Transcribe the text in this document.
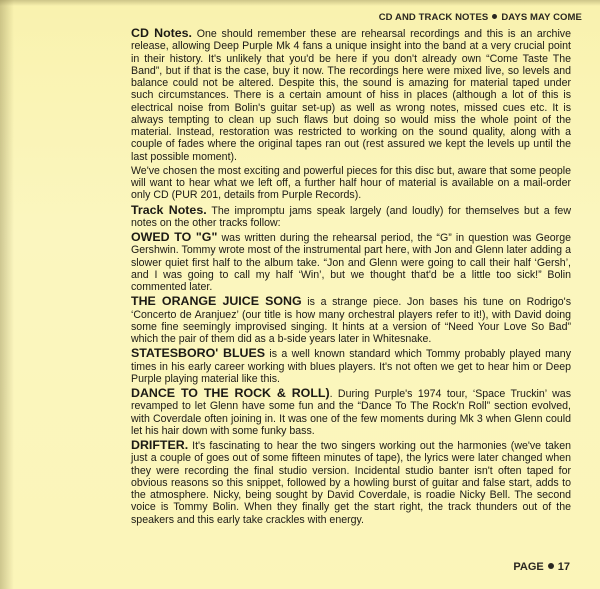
CD AND TRACK NOTES DAYS MAY COME

CD Notes. One should remember these are rehearsal recordings and this is an archive release, allowing Deep Purple Mk 4 fans a unique insight into the band at a very crucial point in their history. It's unlikely that you'd be here if you don't already own “Come Taste The Band”, but if that is the case, buy it now. The recordings here were mixed live, so levels and balance could not be altered. Despite this, the sound is amazing for material taped under such circumstances. There is a certain amount of hiss in places (although a lot of this is electrical noise from Bolin's guitar set-up) as well as wrong notes, missed cues etc. It is always tempting to clean up such flaws but doing so would miss the whole point of the material. Instead, restoration was restricted to working on the sound quality, along with a couple of fades where the original tapes ran out (rest assured we kept the levels up until the last possible moment).

We've chosen the most exciting and powerful pieces for this disc but, aware that some people will want to hear what we left off, a further half hour of material is available on a mail-order only CD (PUR 201, details from Purple Records).

Track Notes. The impromptu jams speak largely (and loudly) for themselves but a few notes on the other tracks follow:

OWED TO "G" was written during the rehearsal period, the “G” in question was George Gershwin. Tommy wrote most of the instrumental part here, with Jon and Glenn later adding a slower quiet first half to the album take. “Jon and Glenn were going to call their half ‘Gersh’, and I was going to call my half ‘Win’, but we thought that'd be a little too sick!” Bolin commented later.

THE ORANGE JUICE SONG is a strange piece. Jon bases his tune on Rodrigo's ‘Concerto de Aranjuez’ (our title is how many orchestral players refer to it!), with David doing some fine seemingly improvised singing. It hints at a version of “Need Your Love So Bad” which the pair of them did as a b-side years later in Whitesnake.

STATESBORO' BLUES is a well known standard which Tommy probably played many times in his early career working with blues players. It's not often we get to hear him or Deep Purple playing material like this.

DANCE TO THE ROCK & ROLL). During Purple's 1974 tour, ‘Space Truckin’ was revamped to let Glenn have some fun and the “Dance To The Rock'n Roll” section evolved, with Coverdale often joining in. It was one of the few moments during Mk 3 when Glenn could let his hair down with some funky bass.

DRIFTER. It's fascinating to hear the two singers working out the harmonies (we've taken just a couple of goes out of some fifteen minutes of tape), the lyrics were later changed when they were recording the final studio version. Incidental studio banter isn't often taped for obvious reasons so this snippet, followed by a howling burst of guitar and false start, adds to the atmosphere. Nicky, being sought by David Coverdale, is roadie Nicky Bell. The second voice is Tommy Bolin. When they finally get the start right, the track thunders out of the speakers and this early take crackles with energy.

PAGE 17
